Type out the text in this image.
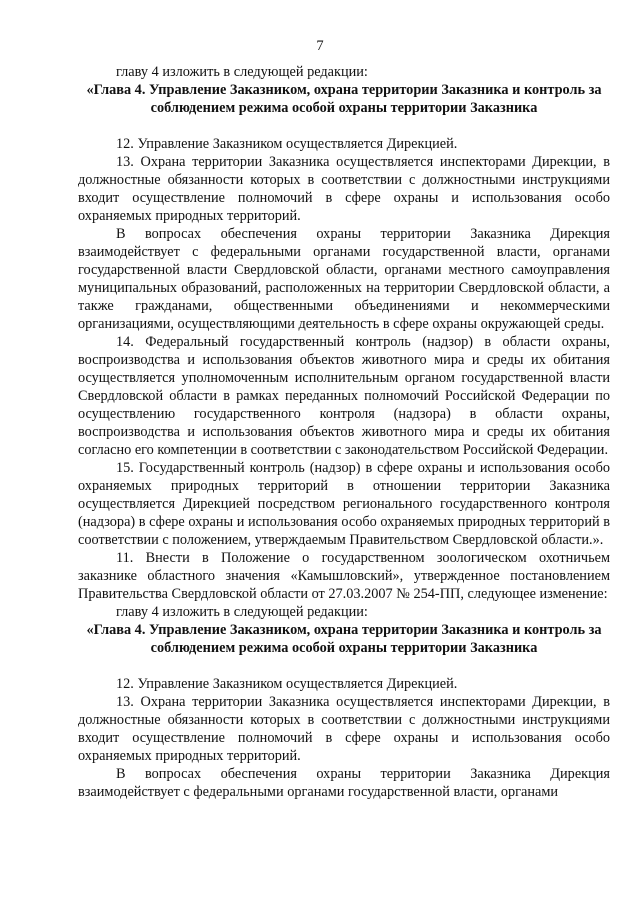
7

главу 4 изложить в следующей редакции:

«Глава 4. Управление Заказником, охрана территории Заказника и контроль за соблюдением режима особой охраны территории Заказника

12. Управление Заказником осуществляется Дирекцией.

13. Охрана территории Заказника осуществляется инспекторами Дирекции, в должностные обязанности которых в соответствии с должностными инструкциями входит осуществление полномочий в сфере охраны и использования особо охраняемых природных территорий.

В вопросах обеспечения охраны территории Заказника Дирекция взаимодействует с федеральными органами государственной власти, органами государственной власти Свердловской области, органами местного самоуправления муниципальных образований, расположенных на территории Свердловской области, а также гражданами, общественными объединениями и некоммерческими организациями, осуществляющими деятельность в сфере охраны окружающей среды.

14. Федеральный государственный контроль (надзор) в области охраны, воспроизводства и использования объектов животного мира и среды их обитания осуществляется уполномоченным исполнительным органом государственной власти Свердловской области в рамках переданных полномочий Российской Федерации по осуществлению государственного контроля (надзора) в области охраны, воспроизводства и использования объектов животного мира и среды их обитания согласно его компетенции в соответствии с законодательством Российской Федерации.

15. Государственный контроль (надзор) в сфере охраны и использования особо охраняемых природных территорий в отношении территории Заказника осуществляется Дирекцией посредством регионального государственного контроля (надзора) в сфере охраны и использования особо охраняемых природных территорий в соответствии с положением, утверждаемым Правительством Свердловской области.».

11. Внести в Положение о государственном зоологическом охотничьем заказнике областного значения «Камышловский», утвержденное постановлением Правительства Свердловской области от 27.03.2007 № 254-ПП, следующее изменение:

главу 4 изложить в следующей редакции:

«Глава 4. Управление Заказником, охрана территории Заказника и контроль за соблюдением режима особой охраны территории Заказника

12. Управление Заказником осуществляется Дирекцией.

13. Охрана территории Заказника осуществляется инспекторами Дирекции, в должностные обязанности которых в соответствии с должностными инструкциями входит осуществление полномочий в сфере охраны и использования особо охраняемых природных территорий.

В вопросах обеспечения охраны территории Заказника Дирекция взаимодействует с федеральными органами государственной власти, органами
